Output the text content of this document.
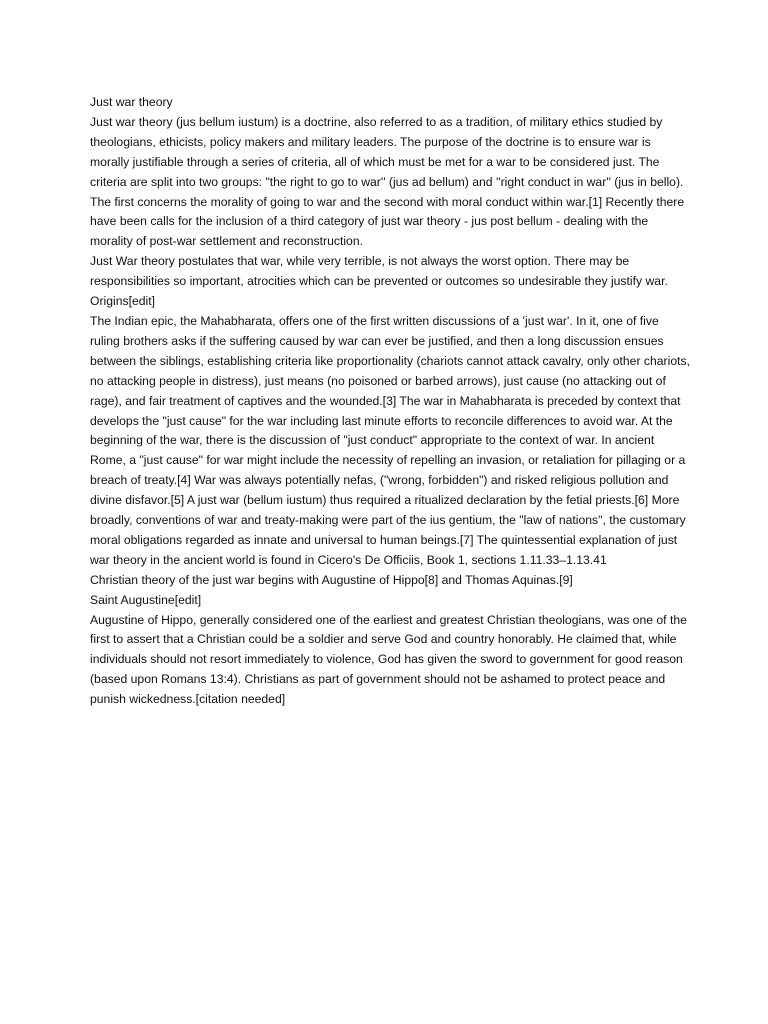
Just war theory

Just war theory (jus bellum iustum) is a doctrine, also referred to as a tradition, of military ethics studied by theologians, ethicists, policy makers and military leaders. The purpose of the doctrine is to ensure war is morally justifiable through a series of criteria, all of which must be met for a war to be considered just. The criteria are split into two groups: "the right to go to war'' (jus ad bellum) and ''right conduct in war'' (jus in bello). The first concerns the morality of going to war and the second with moral conduct within war.[1] Recently there have been calls for the inclusion of a third category of just war theory - jus post bellum - dealing with the morality of post-war settlement and reconstruction.

Just War theory postulates that war, while very terrible, is not always the worst option. There may be responsibilities so important, atrocities which can be prevented or outcomes so undesirable they justify war.

Origins[edit]

The Indian epic, the Mahabharata, offers one of the first written discussions of a 'just war'. In it, one of five ruling brothers asks if the suffering caused by war can ever be justified, and then a long discussion ensues between the siblings, establishing criteria like proportionality (chariots cannot attack cavalry, only other chariots, no attacking people in distress), just means (no poisoned or barbed arrows), just cause (no attacking out of rage), and fair treatment of captives and the wounded.[3] The war in Mahabharata is preceded by context that develops the "just cause" for the war including last minute efforts to reconcile differences to avoid war. At the beginning of the war, there is the discussion of "just conduct" appropriate to the context of war. In ancient Rome, a "just cause" for war might include the necessity of repelling an invasion, or retaliation for pillaging or a breach of treaty.[4] War was always potentially nefas, ("wrong, forbidden") and risked religious pollution and divine disfavor.[5] A just war (bellum iustum) thus required a ritualized declaration by the fetial priests.[6] More broadly, conventions of war and treaty-making were part of the ius gentium, the "law of nations", the customary moral obligations regarded as innate and universal to human beings.[7] The quintessential explanation of just war theory in the ancient world is found in Cicero's De Officiis, Book 1, sections 1.11.33–1.13.41

Christian theory of the just war begins with Augustine of Hippo[8] and Thomas Aquinas.[9]

Saint Augustine[edit]

Augustine of Hippo, generally considered one of the earliest and greatest Christian theologians, was one of the first to assert that a Christian could be a soldier and serve God and country honorably. He claimed that, while individuals should not resort immediately to violence, God has given the sword to government for good reason (based upon Romans 13:4). Christians as part of government should not be ashamed to protect peace and punish wickedness.[citation needed]
